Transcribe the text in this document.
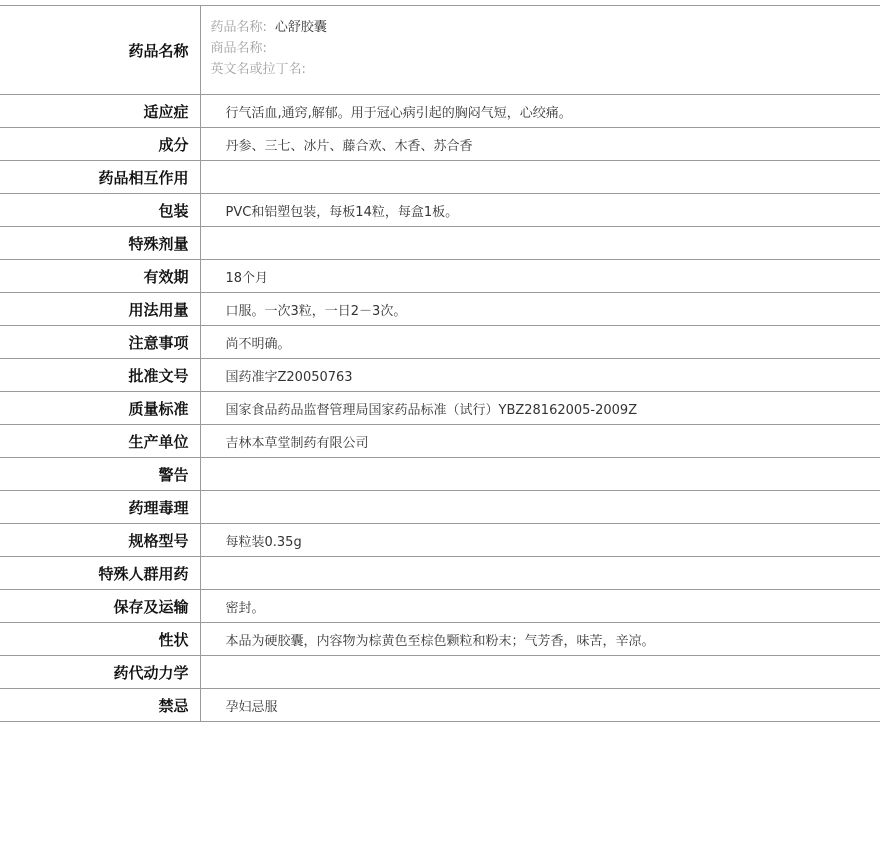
药品名称	药品名称: 心舒胶囊
商品名称:
英文名或拉丁名:

适应症	行气活血,通窍,解郁。用于冠心病引起的胸闷气短，心绞痛。
成分	丹参、三七、冰片、藤合欢、木香、苏合香
药品相互作用	
包装	PVC和铝塑包装，每板14粒，每盒1板。
特殊剂量	
有效期	18个月
用法用量	口服。一次3粒，一日2－3次。
注意事项	尚不明确。
批准文号	国药准字Z20050763
质量标准	国家食品药品监督管理局国家药品标准（试行）YBZ28162005-2009Z
生产单位	吉林本草堂制药有限公司
警告	
药理毒理	
规格型号	每粒装0.35g
特殊人群用药	
保存及运输	密封。
性状	本品为硬胶囊，内容物为棕黄色至棕色颗粒和粉末；气芳香，味苦，辛凉。
药代动力学	
禁忌	孕妇忌服
